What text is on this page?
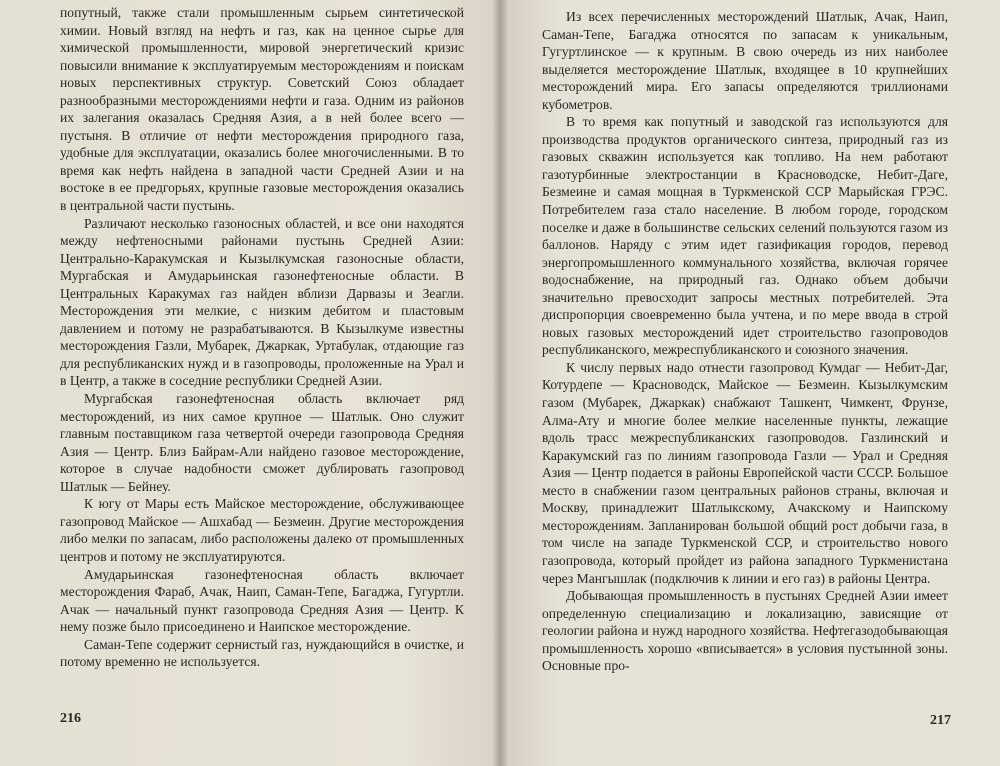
попутный, также стали промышленным сырьем синтетической химии. Новый взгляд на нефть и газ, как на ценное сырье для химической промышленности, мировой энергетический кризис повысили внимание к эксплуатируемым месторождениям и поискам новых перспективных структур. Советский Союз обладает разнообразными месторождениями нефти и газа. Одним из районов их залегания оказалась Средняя Азия, а в ней более всего — пустыня. В отличие от нефти месторождения природного газа, удобные для эксплуатации, оказались более многочисленными. В то время как нефть найдена в западной части Средней Азии и на востоке в ее предгорьях, крупные газовые месторождения оказались в центральной части пустынь.

Различают несколько газоносных областей, и все они находятся между нефтеносными районами пустынь Средней Азии: Центрально-Каракумская и Кызылкумская газоносные области, Мургабская и Амударьинская газонефтеносные области. В Центральных Каракумах газ найден вблизи Дарвазы и Зеагли. Месторождения эти мелкие, с низким дебитом и пластовым давлением и потому не разрабатываются. В Кызылкуме известны месторождения Газли, Мубарек, Джаркак, Уртабулак, отдающие газ для республиканских нужд и в газопроводы, проложенные на Урал и в Центр, а также в соседние республики Средней Азии.

Мургабская газонефтеносная область включает ряд месторождений, из них самое крупное — Шатлык. Оно служит главным поставщиком газа четвертой очереди газопровода Средняя Азия — Центр. Близ Байрам-Али найдено газовое месторождение, которое в случае надобности сможет дублировать газопровод Шатлык — Бейнеу.

К югу от Мары есть Майское месторождение, обслуживающее газопровод Майское — Ашхабад — Безмеин. Другие месторождения либо мелки по запасам, либо расположены далеко от промышленных центров и потому не эксплуатируются.

Амударьинская газонефтеносная область включает месторождения Фараб, Ачак, Наип, Саман-Тепе, Багаджа, Гугуртли. Ачак — начальный пункт газопровода Средняя Азия — Центр. К нему позже было присоединено и Наипское месторождение.

Саман-Тепе содержит сернистый газ, нуждающийся в очистке, и потому временно не используется.

216

Из всех перечисленных месторождений Шатлык, Ачак, Наип, Саман-Тепе, Багаджа относятся по запасам к уникальным, Гугуртлинское — к крупным. В свою очередь из них наиболее выделяется месторождение Шатлык, входящее в 10 крупнейших месторождений мира. Его запасы определяются триллионами кубометров.

В то время как попутный и заводской газ используются для производства продуктов органического синтеза, природный газ из газовых скважин используется как топливо. На нем работают газотурбинные электростанции в Красноводске, Небит-Даге, Безмеине и самая мощная в Туркменской ССР Марыйская ГРЭС. Потребителем газа стало население. В любом городе, городском поселке и даже в большинстве сельских селений пользуются газом из баллонов. Наряду с этим идет газификация городов, перевод энергопромышленного коммунального хозяйства, включая горячее водоснабжение, на природный газ. Однако объем добычи значительно превосходит запросы местных потребителей. Эта диспропорция своевременно была учтена, и по мере ввода в строй новых газовых месторождений идет строительство газопроводов республиканского, межреспубликанского и союзного значения.

К числу первых надо отнести газопровод Кумдаг — Небит-Даг, Котурдепе — Красноводск, Майское — Безмеин. Кызылкумским газом (Мубарек, Джаркак) снабжают Ташкент, Чимкент, Фрунзе, Алма-Ату и многие более мелкие населенные пункты, лежащие вдоль трасс межреспубликанских газопроводов. Газлинский и Каракумский газ по линиям газопровода Газли — Урал и Средняя Азия — Центр подается в районы Европейской части СССР. Большое место в снабжении газом центральных районов страны, включая и Москву, принадлежит Шатлыкскому, Ачакскому и Наипскому месторождениям. Запланирован большой общий рост добычи газа, в том числе на западе Туркменской ССР, и строительство нового газопровода, который пройдет из района западного Туркменистана через Мангышлак (подключив к линии и его газ) в районы Центра.

Добывающая промышленность в пустынях Средней Азии имеет определенную специализацию и локализацию, зависящие от геологии района и нужд народного хозяйства. Нефтегазодобывающая промышленность хорошо «вписывается» в условия пустынной зоны. Основные про-

217
